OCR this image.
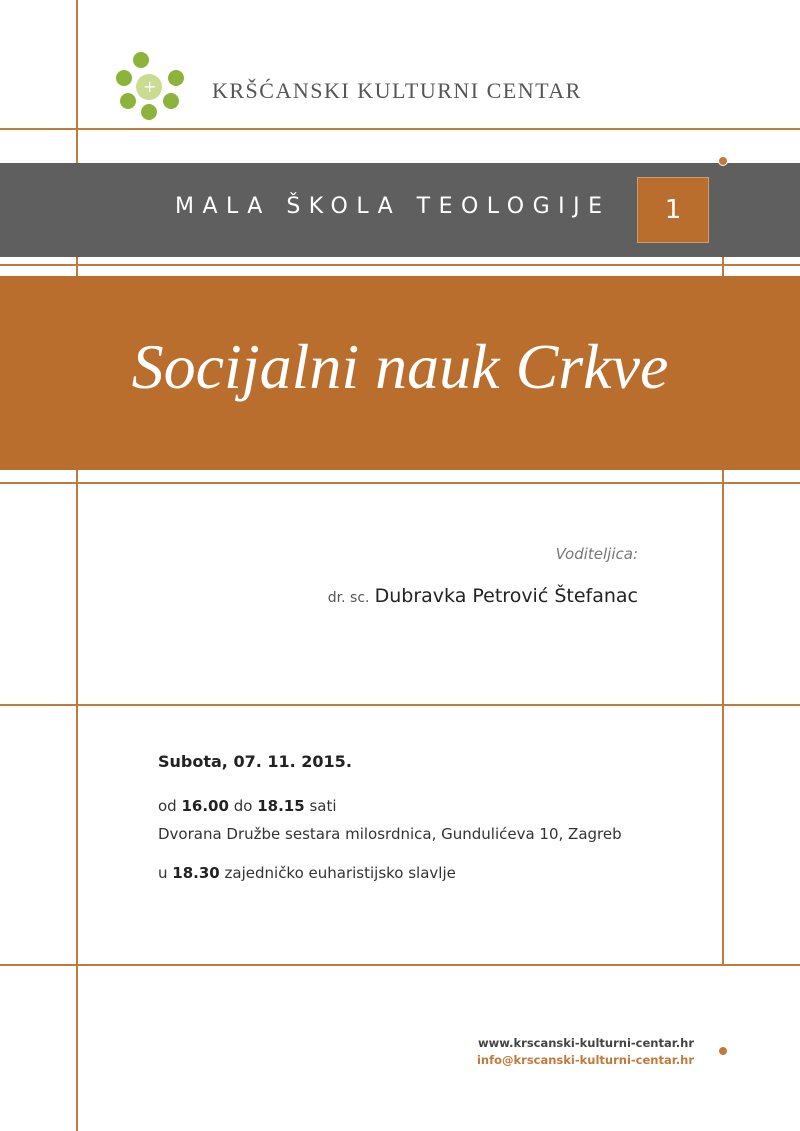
+	KRŠĆANSKI KULTURNI CENTAR
MALA ŠKOLA TEOLOGIJE 1
Socijalni nauk Crkve
Voditeljica:
dr. sc. Dubravka Petrović Štefanac
Subota, 07. 11. 2015.
od 16.00 do 18.15 sati
Dvorana Družbe sestara milosrdnica, Gundulićeva 10, Zagreb
u 18.30 zajedničko euharistijsko slavlje
www.krscanski-kulturni-centar.hr
info@krscanski-kulturni-centar.hr
